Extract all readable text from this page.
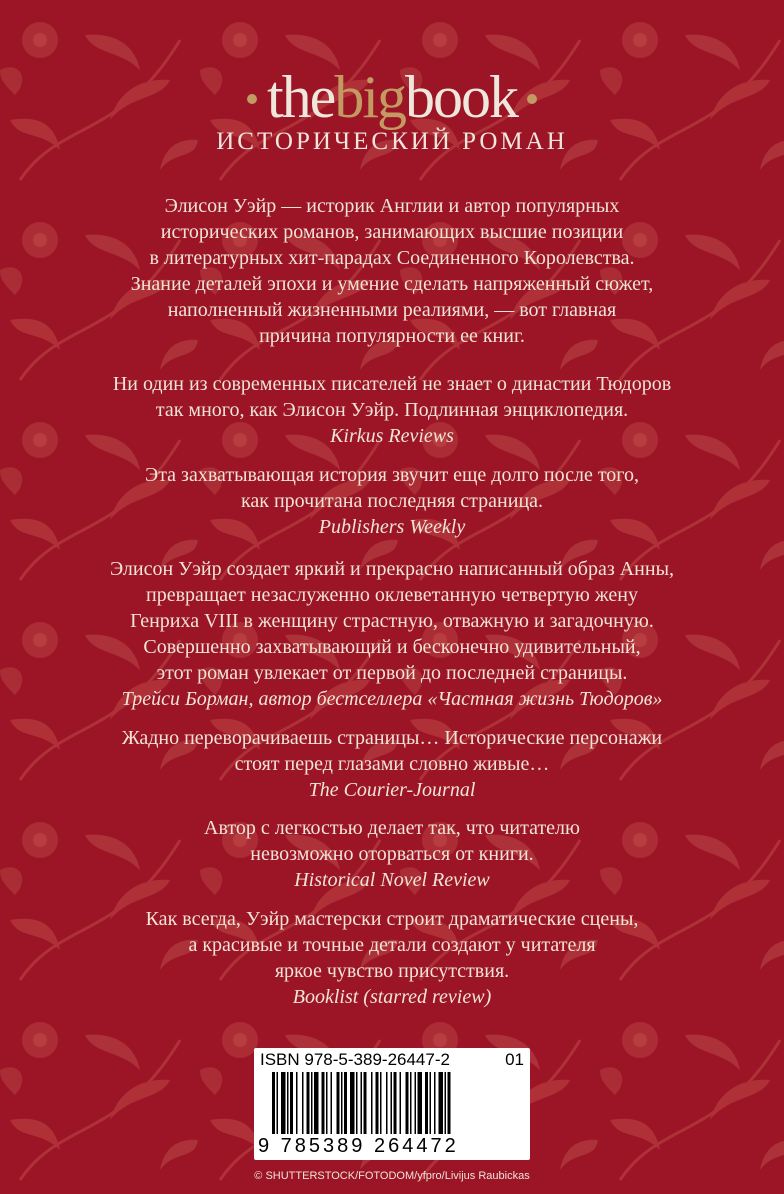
thebigbook
ИСТОРИЧЕСКИЙ РОМАН

Элисон Уэйр — историк Англии и автор популярных

исторических романов, занимающих высшие позиции

в литературных хит-парадах Соединенного Королевства.

Знание деталей эпохи и умение сделать напряженный сюжет,

наполненный жизненными реалиями, — вот главная

причина популярности ее книг.

Ни один из современных писателей не знает о династии Тюдоров

так много, как Элисон Уэйр. Подлинная энциклопедия.

Kirkus Reviews

Эта захватывающая история звучит еще долго после того,

как прочитана последняя страница.

Publishers Weekly

Элисон Уэйр создает яркий и прекрасно написанный образ Анны,

превращает незаслуженно оклеветанную четвертую жену

Генриха VIII в женщину страстную, отважную и загадочную.

Совершенно захватывающий и бесконечно удивительный,

этот роман увлекает от первой до последней страницы.

Трейси Борман, автор бестселлера «Частная жизнь Тюдоров»

Жадно переворачиваешь страницы… Исторические персонажи

стоят перед глазами словно живые…

The Courier-Journal

Автор с легкостью делает так, что читателю

невозможно оторваться от книги.

Historical Novel Review

Как всегда, Уэйр мастерски строит драматические сцены,

а красивые и точные детали создают у читателя

яркое чувство присутствия.

Booklist (starred review)

ISBN 978-5-389-26447-2	01
9 785389 264472
© SHUTTERSTOCK/FOTODOM/yfpro/Livijus Raubickas
